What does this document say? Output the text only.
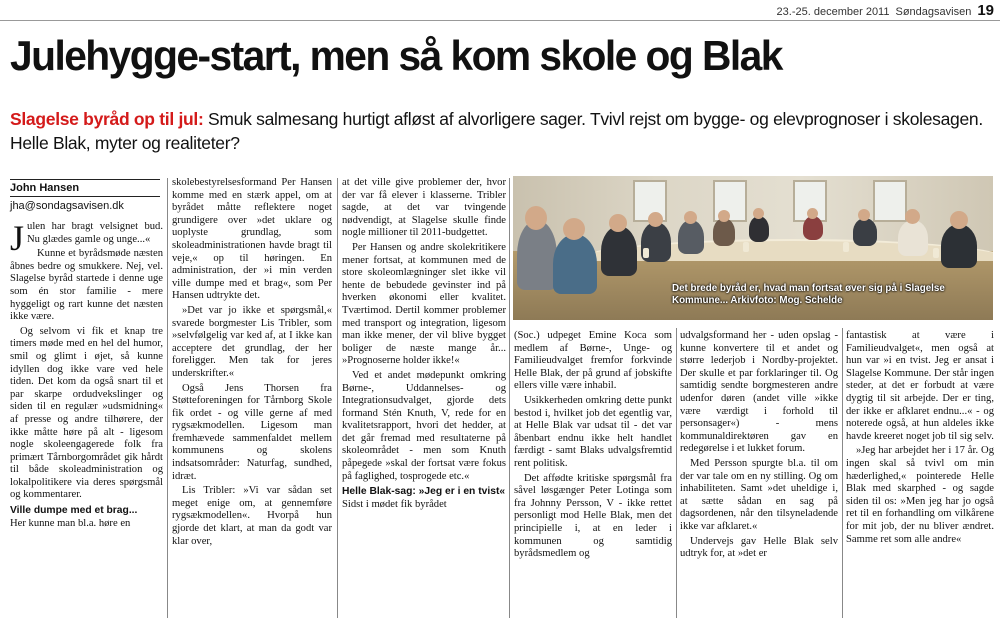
23.-25. december 2011 Søndagsavisen 19
Julehygge-start, men så kom skole og Blak
Slagelse byråd op til jul: Smuk salmesang hurtigt afløst af alvorligere sager. Tvivl rejst om bygge- og elevprognoser i skolesagen. Helle Blak, myter og realiteter?
John Hansen
jha@sondagsavisen.dk

Julen har bragt velsignet bud. Nu glædes gamle og unge...«

Kunne et byrådsmøde næsten åbnes bedre og smukkere. Nej, vel. Slagelse byråd startede i denne uge som én stor familie - mere hyggeligt og rart kunne det næsten ikke være.

Og selvom vi fik et knap tre timers møde med en hel del humor, smil og glimt i øjet, så kunne idyllen dog ikke vare ved hele tiden. Det kom da også snart til et par skarpe ordudvekslinger og siden til en regulær »udsmidning« af presse og andre tilhørere, der ikke måtte høre på alt - ligesom nogle skoleengagerede folk fra primært Tårnborgområdet gik hårdt til både skoleadministration og lokalpolitikere via deres spørgsmål og kommentarer.

Ville dumpe med et brag...

Her kunne man bl.a. høre en

skolebestyrelsesformand Per Hansen komme med en stærk appel, om at byrådet måtte reflektere noget grundigere over »det uklare og uoplyste grundlag, som skoleadministrationen havde bragt til veje,« op til høringen. En administration, der »i min verden ville dumpe med et brag«, som Per Hansen udtrykte det.

»Det var jo ikke et spørgsmål,« svarede borgmester Lis Tribler, som »selvfølgelig var ked af, at I ikke kan acceptere det grundlag, der her foreligger. Men tak for jeres underskrifter.«

Også Jens Thorsen fra Støtteforeningen for Tårnborg Skole fik ordet - og ville gerne af med rygsækmodellen. Ligesom man fremhævede sammenfaldet mellem kommunens og skolens indsatsområder: Naturfag, sundhed, idræt.

Lis Tribler: »Vi var sådan set meget enige om, at gennemføre rygsækmodellen«. Hvorpå hun gjorde det klart, at man da godt var klar over,

at det ville give problemer der, hvor der var få elever i klasserne. Tribler sagde, at det var tvingende nødvendigt, at Slagelse skulle finde nogle millioner til 2011-budgettet.

Per Hansen og andre skolekritikere mener fortsat, at kommunen med de store skoleomlægninger slet ikke vil hente de bebudede gevinster ind på hverken økonomi eller kvalitet. Tværtimod. Dertil kommer problemer med transport og integration, ligesom man ikke mener, der vil blive bygget boliger de næste mange år... »Prognoserne holder ikke!«

Ved et andet mødepunkt omkring Børne-, Uddannelses- og Integrationsudvalget, gjorde dets formand Stén Knuth, V, rede for en kvalitetsrapport, hvori det hedder, at det går fremad med resultaterne på skoleområdet - men som Knuth påpegede »skal der fortsat være fokus på faglighed, tosprogede etc.«

Helle Blak-sag: »Jeg er i en tvist«

Sidst i mødet fik byrådet

Det brede byråd er, hvad man fortsat øver sig på i Slagelse Kommune... Arkivfoto: Mog. Schelde

(Soc.) udpeget Emine Koca som medlem af Børne-, Unge- og Familieudvalget fremfor forkvinde Helle Blak, der på grund af jobskifte ellers ville være inhabil.

Usikkerheden omkring dette punkt bestod i, hvilket job det egentlig var, at Helle Blak var udsat til - det var åbenbart endnu ikke helt handlet færdigt - samt Blaks udvalgsfremtid rent politisk.

Det affødte kritiske spørgsmål fra såvel løsgænger Peter Lotinga som fra Johnny Persson, V - ikke rettet personligt mod Helle Blak, men det principielle i, at en leder i kommunen og samtidig byrådsmedlem og

udvalgsformand her - uden opslag - kunne konvertere til et andet og større lederjob i Nordby-projektet. Der skulle et par forklaringer til. Og samtidig sendte borgmesteren andre udenfor døren (andet ville »ikke være værdigt i forhold til personsager«) - mens kommunaldirektøren gav en redegørelse i et lukket forum.

Med Persson spurgte bl.a. til om der var tale om en ny stilling. Og om inhabiliteten. Samt »det uheldige i, at sætte sådan en sag på dagsordenen, når den tilsyneladende ikke var afklaret.«

Undervejs gav Helle Blak selv udtryk for, at »det er

fantastisk at være i Familieudvalget«, men også at hun var »i en tvist. Jeg er ansat i Slagelse Kommune. Der står ingen steder, at det er forbudt at være dygtig til sit arbejde. Der er ting, der ikke er afklaret endnu...« - og noterede også, at hun aldeles ikke havde kreeret noget job til sig selv.

»Jeg har arbejdet her i 17 år. Og ingen skal så tvivl om min hæderlighed,« pointerede Helle Blak med skarphed - og sagde siden til os: »Men jeg har jo også ret til en forhandling om vilkårene for mit job, der nu bliver ændret. Samme ret som alle andre«
